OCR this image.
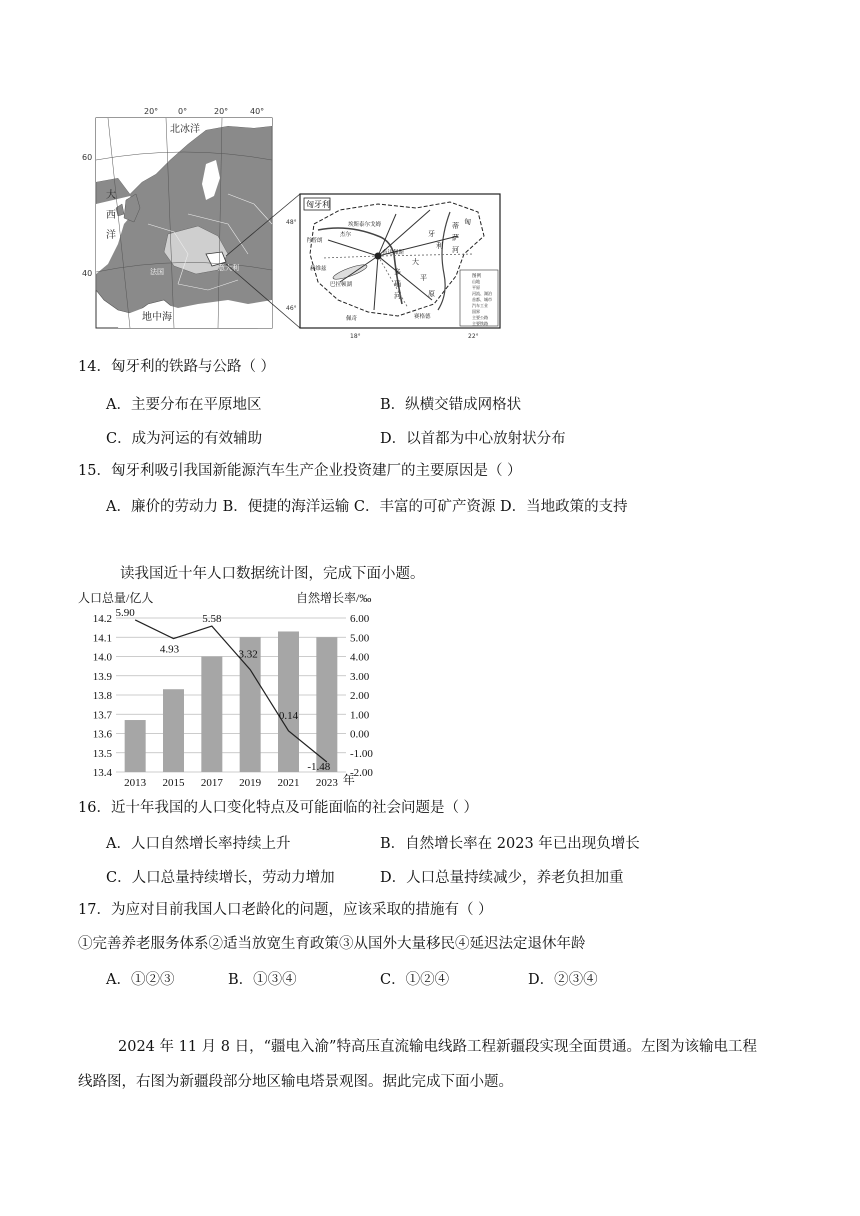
20° 0°	20°	40°
60
40
北 北冰洋
大
西
洋
法国	意大利
地中海
匈牙利
48°
46°
18°	22°
肖普朗
杰尔
埃斯泰尔戈姆
布达佩斯
赫维兹
巴拉顿湖
佩奇	赛格德
多
瑙
河
蒂
萨
河
匈
牙
利
大
平
原
图例
山地
平原
河流、湖泊
首都、城市
汽车工业
国界
主要公路
主要铁路
14．匈牙利的铁路与公路（ ）
A．主要分布在平原地区	B．纵横交错成网格状
C．成为河运的有效辅助	D．以首都为中心放射状分布
15．匈牙利吸引我国新能源汽车生产企业投资建厂的主要原因是（ ）
A．廉价的劳动力 B．便捷的海洋运输 C．丰富的可矿产资源 D．当地政策的支持
读我国近十年人口数据统计图，完成下面小题。
人口总量/亿人	自然增长率/‰
5.90
4.93
5.58
3.32
0.14
-1.48
14.2	6.00
14.1	5.00
14.0	4.00
13.9	3.00
13.8	2.00
13.7	1.00
13.6	0.00
13.5	-1.00
13.4	-2.00
2013 2015 2017 2019 2021 2023 年
16．近十年我国的人口变化特点及可能面临的社会问题是（ ）
A．人口自然增长率持续上升	B．自然增长率在 2023 年已出现负增长
C．人口总量持续增长，劳动力增加	D．人口总量持续减少，养老负担加重
17．为应对目前我国人口老龄化的问题，应该采取的措施有（ ）
①完善养老服务体系②适当放宽生育政策③从国外大量移民④延迟法定退休年龄
A．①②③	B．①③④	C．①②④	D．②③④
2024 年 11 月 8 日，“疆电入渝”特高压直流输电线路工程新疆段实现全面贯通。左图为该输电工程
线路图，右图为新疆段部分地区输电塔景观图。据此完成下面小题。
